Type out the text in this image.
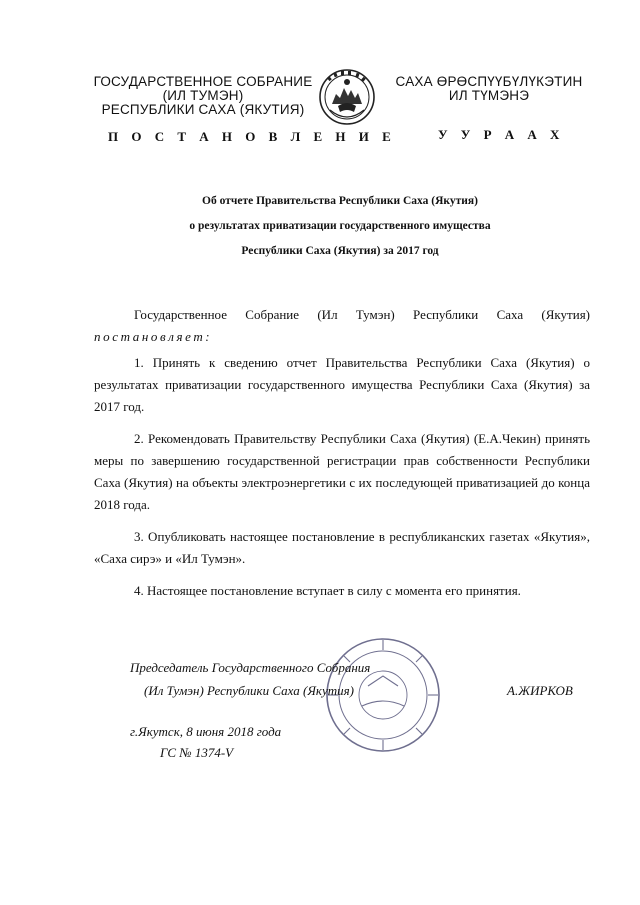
ГОСУДАРСТВЕННОЕ СОБРАНИЕ
(ИЛ ТУМЭН)
РЕСПУБЛИКИ САХА (ЯКУТИЯ)
САХА ӨРӨСПҮҮБҮЛҮКЭТИН
ИЛ ТҮМЭНЭ
П О С Т А Н О В Л Е Н И Е	У У Р А А Х
Об отчете Правительства Республики Саха (Якутия)
о результатах приватизации государственного имущества
Республики Саха (Якутия) за 2017 год

Государственное Собрание (Ил Тумэн) Республики Саха (Якутия)

постановляет:

1. Принять к сведению отчет Правительства Республики Саха (Якутия) о результатах приватизации государственного имущества Республики Саха (Якутия) за 2017 год.

2. Рекомендовать Правительству Республики Саха (Якутия) (Е.А.Чекин) принять меры по завершению государственной регистрации прав собственности Республики Саха (Якутия) на объекты электроэнергетики с их последующей приватизацией до конца 2018 года.

3. Опубликовать настоящее постановление в республиканских газетах «Якутия», «Саха сирэ» и «Ил Тумэн».

4. Настоящее постановление вступает в силу с момента его принятия.

Председатель Государственного Собрания
(Ил Тумэн) Республики Саха (Якутия)	А.ЖИРКОВ
г.Якутск, 8 июня 2018 года
ГС № 1374-V
